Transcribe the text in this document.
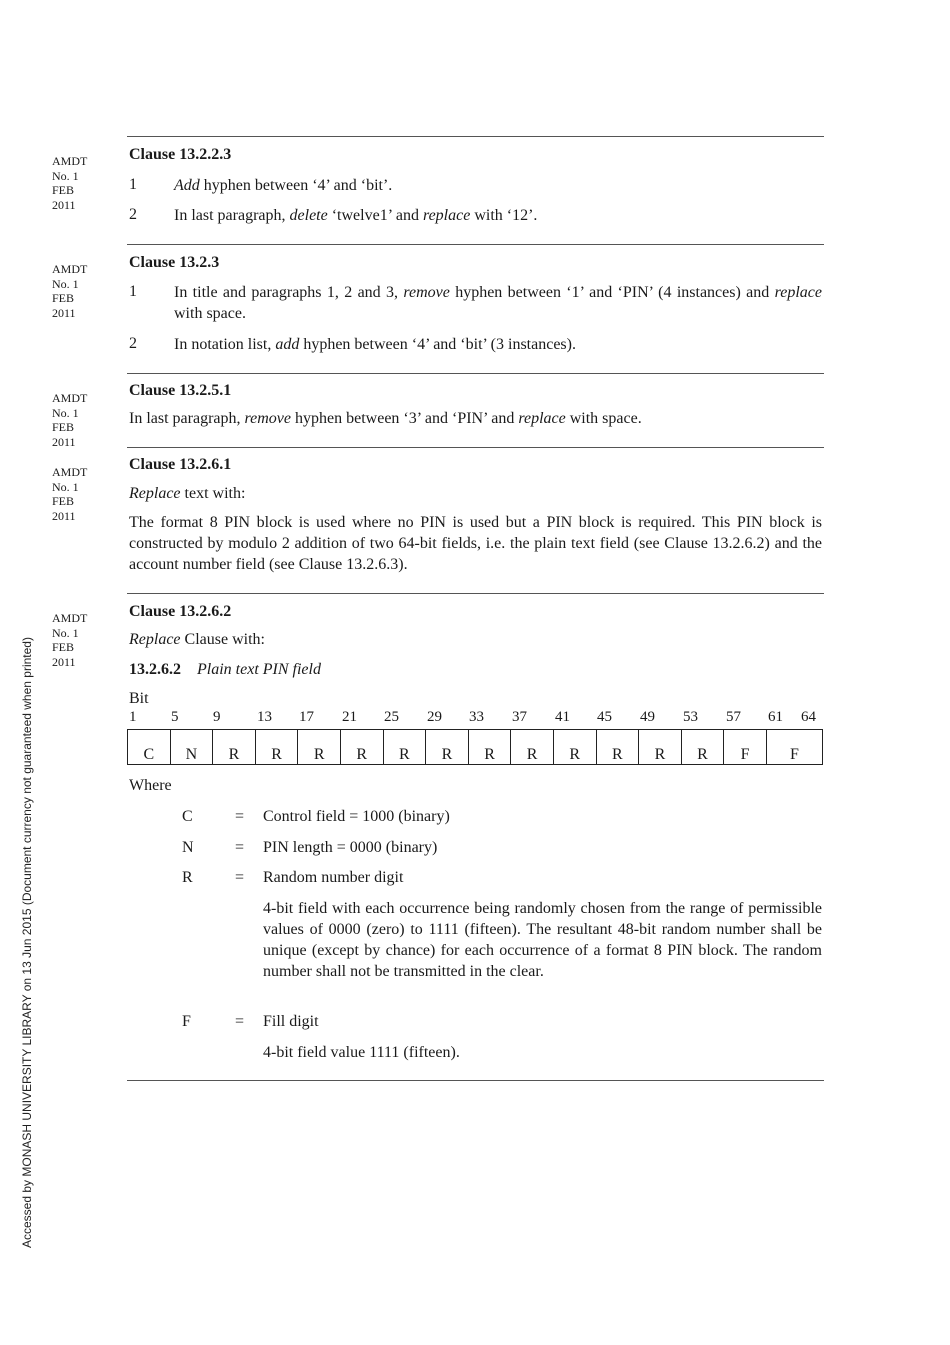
Accessed by MONASH UNIVERSITY LIBRARY on 13 Jun 2015 (Document currency not guaranteed when printed)
AMDT
No. 1
FEB
2011
Clause 13.2.2.3
1 Add hyphen between ‘4’ and ‘bit’.
2 In last paragraph, delete ‘twelve1’ and replace with ‘12’.
AMDT
No. 1
FEB
2011
Clause 13.2.3
1 In title and paragraphs 1, 2 and 3, remove hyphen between ‘1’ and ‘PIN’ (4 instances) and replace with space.
2 In notation list, add hyphen between ‘4’ and ‘bit’ (3 instances).
AMDT
No. 1
FEB
2011
Clause 13.2.5.1
In last paragraph, remove hyphen between ‘3’ and ‘PIN’ and replace with space.
AMDT
No. 1
FEB
2011
Clause 13.2.6.1
Replace text with:
The format 8 PIN block is used where no PIN is used but a PIN block is required. This PIN block is constructed by modulo 2 addition of two 64-bit fields, i.e. the plain text field (see Clause 13.2.6.2) and the account number field (see Clause 13.2.6.3).
AMDT
No. 1
FEB
2011
Clause 13.2.6.2
Replace Clause with:
13.2.6.2 Plain text PIN field
Bit
1 5 9 13 17 21 25 29 33 37 41 45 49 53 57 61 64
C	N	R	R	R	R	R	R	R	R	R	R	R	R	F	F
Where
C	= Control field = 1000 (binary)
N	= PIN length = 0000 (binary)
R	= Random number digit
4-bit field with each occurrence being randomly chosen from the range of permissible values of 0000 (zero) to 1111 (fifteen). The resultant 48-bit random number shall be unique (except by chance) for each occurrence of a format 8 PIN block. The random number shall not be transmitted in the clear.
F	= Fill digit
4-bit field value 1111 (fifteen).
